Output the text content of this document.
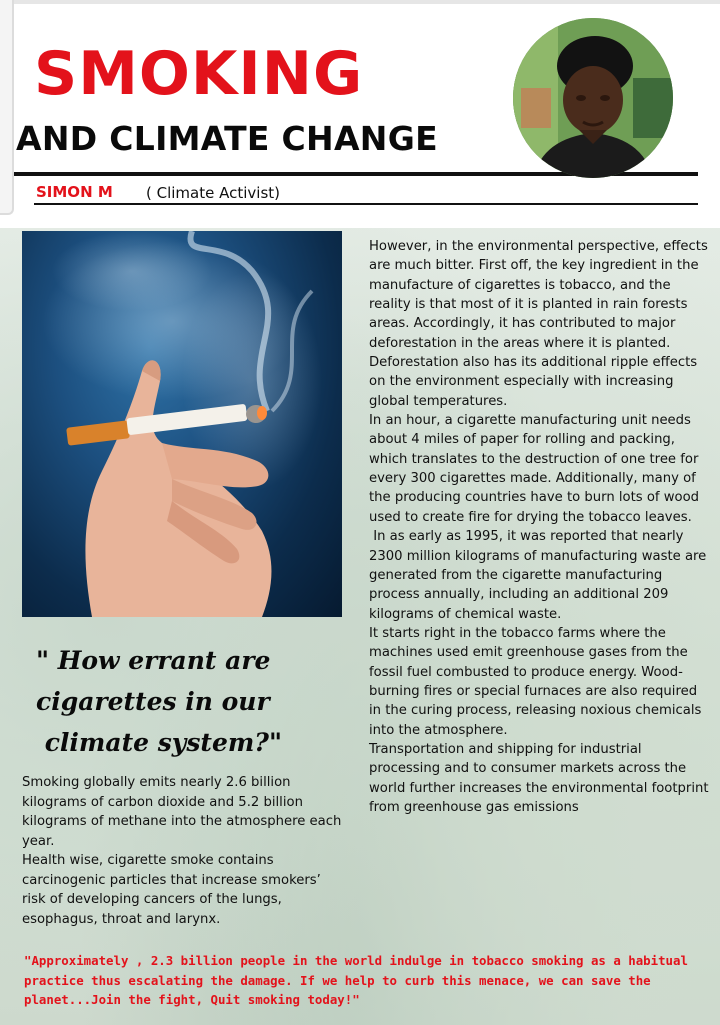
SMOKING
AND CLIMATE CHANGE
SIMON M ( Climate Activist)

However, in the environmental perspective, effects are much bitter. First off, the key ingredient in the manufacture of cigarettes is tobacco, and the reality is that most of it is planted in rain forests areas. Accordingly, it has contributed to major deforestation in the areas where it is planted.

Deforestation also has its additional ripple effects on the environment especially with increasing global temperatures.

In an hour, a cigarette manufacturing unit needs about 4 miles of paper for rolling and packing, which translates to the destruction of one tree for every 300 cigarettes made. Additionally, many of the producing countries have to burn lots of wood used to create fire for drying the tobacco leaves.

In as early as 1995, it was reported that nearly 2300 million kilograms of manufacturing waste are generated from the cigarette manufacturing process annually, including an additional 209 kilograms of chemical waste.

It starts right in the tobacco farms where the machines used emit greenhouse gases from the fossil fuel combusted to produce energy. Wood-burning fires or special furnaces are also required in the curing process, releasing noxious chemicals into the atmosphere.

Transportation and shipping for industrial processing and to consumer markets across the world further increases the environmental footprint from greenhouse gas emissions

" How errant are
cigarettes in our
climate system?"

Smoking globally emits nearly 2.6 billion kilograms of carbon dioxide and 5.2 billion kilograms of methane into the atmosphere each year.

Health wise, cigarette smoke contains carcinogenic particles that increase smokers’ risk of developing cancers of the lungs, esophagus, throat and larynx.

"Approximately , 2.3 billion people in the world indulge in tobacco smoking as a habitual practice thus escalating the damage. If we help to curb this menace, we can save the planet...Join the fight, Quit smoking today!"
